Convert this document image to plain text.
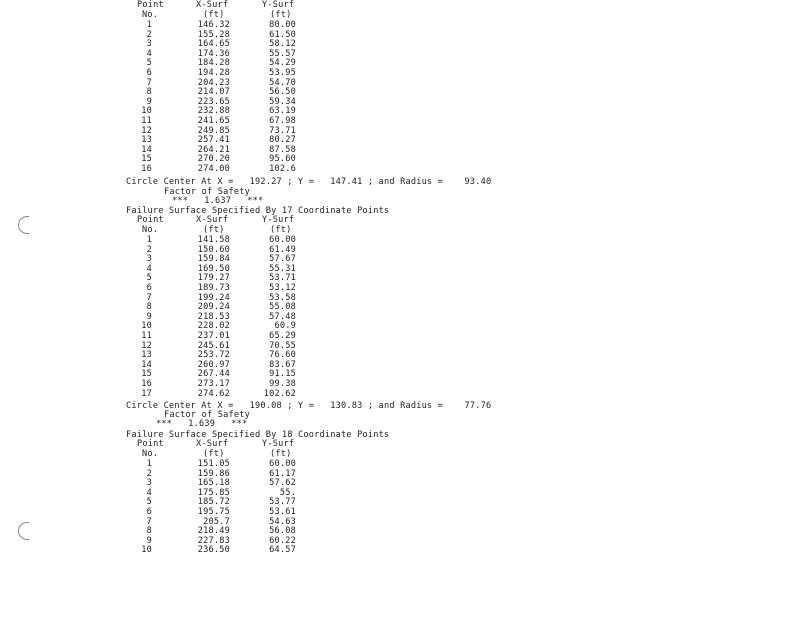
Point	X-Surf	Y-Surf
No.	(ft)	(ft)
1	146.32	80.00
2	155.28	61.50
3	164.65	58.12
4	174.36	55.57
5	184.28	54.29
6	194.28	53.95
7	204.23	54.70
8	214.07	56.50
9	223.65	59.34
10	232.88	63.19
11	241.65	67.98
12	249.85	73.71
13	257.41	80.27
14	264.21	87.58
15	270.20	95.60
16	274.00	102.6
Circle Center At X =   192.27 ; Y =   147.41 ; and Radius =    93.40
Factor of Safety
***   1.637   ***
Failure Surface Specified By 17 Coordinate Points
Point	X-Surf	Y-Surf
No.	(ft)	(ft)
1	141.58	60.00
2	150.60	61.49
3	159.84	57.67
4	169.50	55.31
5	179.27	53.71
6	189.73	53.12
7	199.24	53.58
8	209.24	55.08
9	218.53	57.48
10	228.02	60.9
11	237.01	65.29
12	245.61	70.55
13	253.72	76.60
14	260.97	83.67
15	267.44	91.15
16	273.17	99.38
17	274.62	102.62
Circle Center At X =   190.08 ; Y =   130.83 ; and Radius =    77.76
Factor of Safety
***   1.639   ***
Failure Surface Specified By 18 Coordinate Points
Point	X-Surf	Y-Surf
No.	(ft)	(ft)
1	151.05	60.00
2	159.86	61.17
3	165.18	57.62
4	175.85	55.
5	185.72	53.77
6	195.75	53.61
7	205.7	54.63
8	218.49	56.08
9	227.83	60.22
10	236.50	64.57
